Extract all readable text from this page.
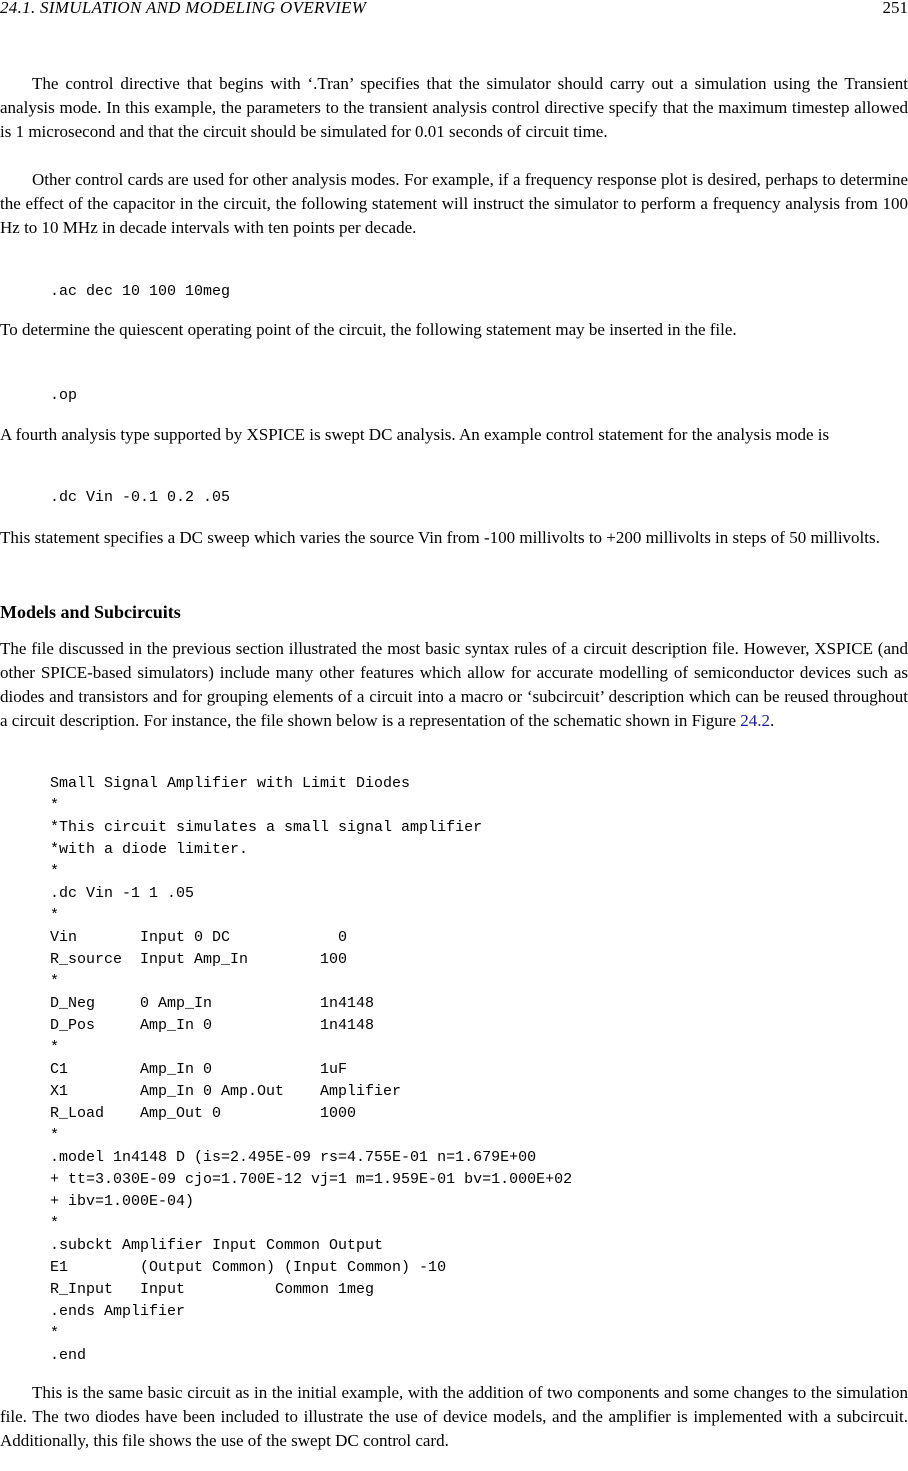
24.1. SIMULATION AND MODELING OVERVIEW	251

The control directive that begins with ‘.Tran’ specifies that the simulator should carry out a simulation using the Transient analysis mode. In this example, the parameters to the transient analysis control directive specify that the maximum timestep allowed is 1 microsecond and that the circuit should be simulated for 0.01 seconds of circuit time.

Other control cards are used for other analysis modes. For example, if a frequency response plot is desired, perhaps to determine the effect of the capacitor in the circuit, the following statement will instruct the simulator to perform a frequency analysis from 100 Hz to 10 MHz in decade intervals with ten points per decade.

.ac dec 10 100 10meg

To determine the quiescent operating point of the circuit, the following statement may be inserted in the file.

.op

A fourth analysis type supported by XSPICE is swept DC analysis. An example control statement for the analysis mode is

.dc Vin -0.1 0.2 .05

This statement specifies a DC sweep which varies the source Vin from -100 millivolts to +200 millivolts in steps of 50 millivolts.

Models and Subcircuits

The file discussed in the previous section illustrated the most basic syntax rules of a circuit description file. However, XSPICE (and other SPICE-based simulators) include many other features which allow for accurate modelling of semiconductor devices such as diodes and transistors and for grouping elements of a circuit into a macro or ‘subcircuit’ description which can be reused throughout a circuit description. For instance, the file shown below is a representation of the schematic shown in Figure 24.2.

Small Signal Amplifier with Limit Diodes
*
*This circuit simulates a small signal amplifier
*with a diode limiter.
*
.dc Vin -1 1 .05
*
Vin       Input 0 DC            0
R_source  Input Amp_In        100
*
D_Neg     0 Amp_In            1n4148
D_Pos     Amp_In 0            1n4148
*
C1        Amp_In 0            1uF
X1        Amp_In 0 Amp.Out    Amplifier
R_Load    Amp_Out 0           1000
*
.model 1n4148 D (is=2.495E-09 rs=4.755E-01 n=1.679E+00
+ tt=3.030E-09 cjo=1.700E-12 vj=1 m=1.959E-01 bv=1.000E+02
+ ibv=1.000E-04)
*
.subckt Amplifier Input Common Output
E1        (Output Common) (Input Common) -10
R_Input   Input          Common 1meg
.ends Amplifier
*
.end

This is the same basic circuit as in the initial example, with the addition of two components and some changes to the simulation file. The two diodes have been included to illustrate the use of device models, and the amplifier is implemented with a subcircuit. Additionally, this file shows the use of the swept DC control card.
